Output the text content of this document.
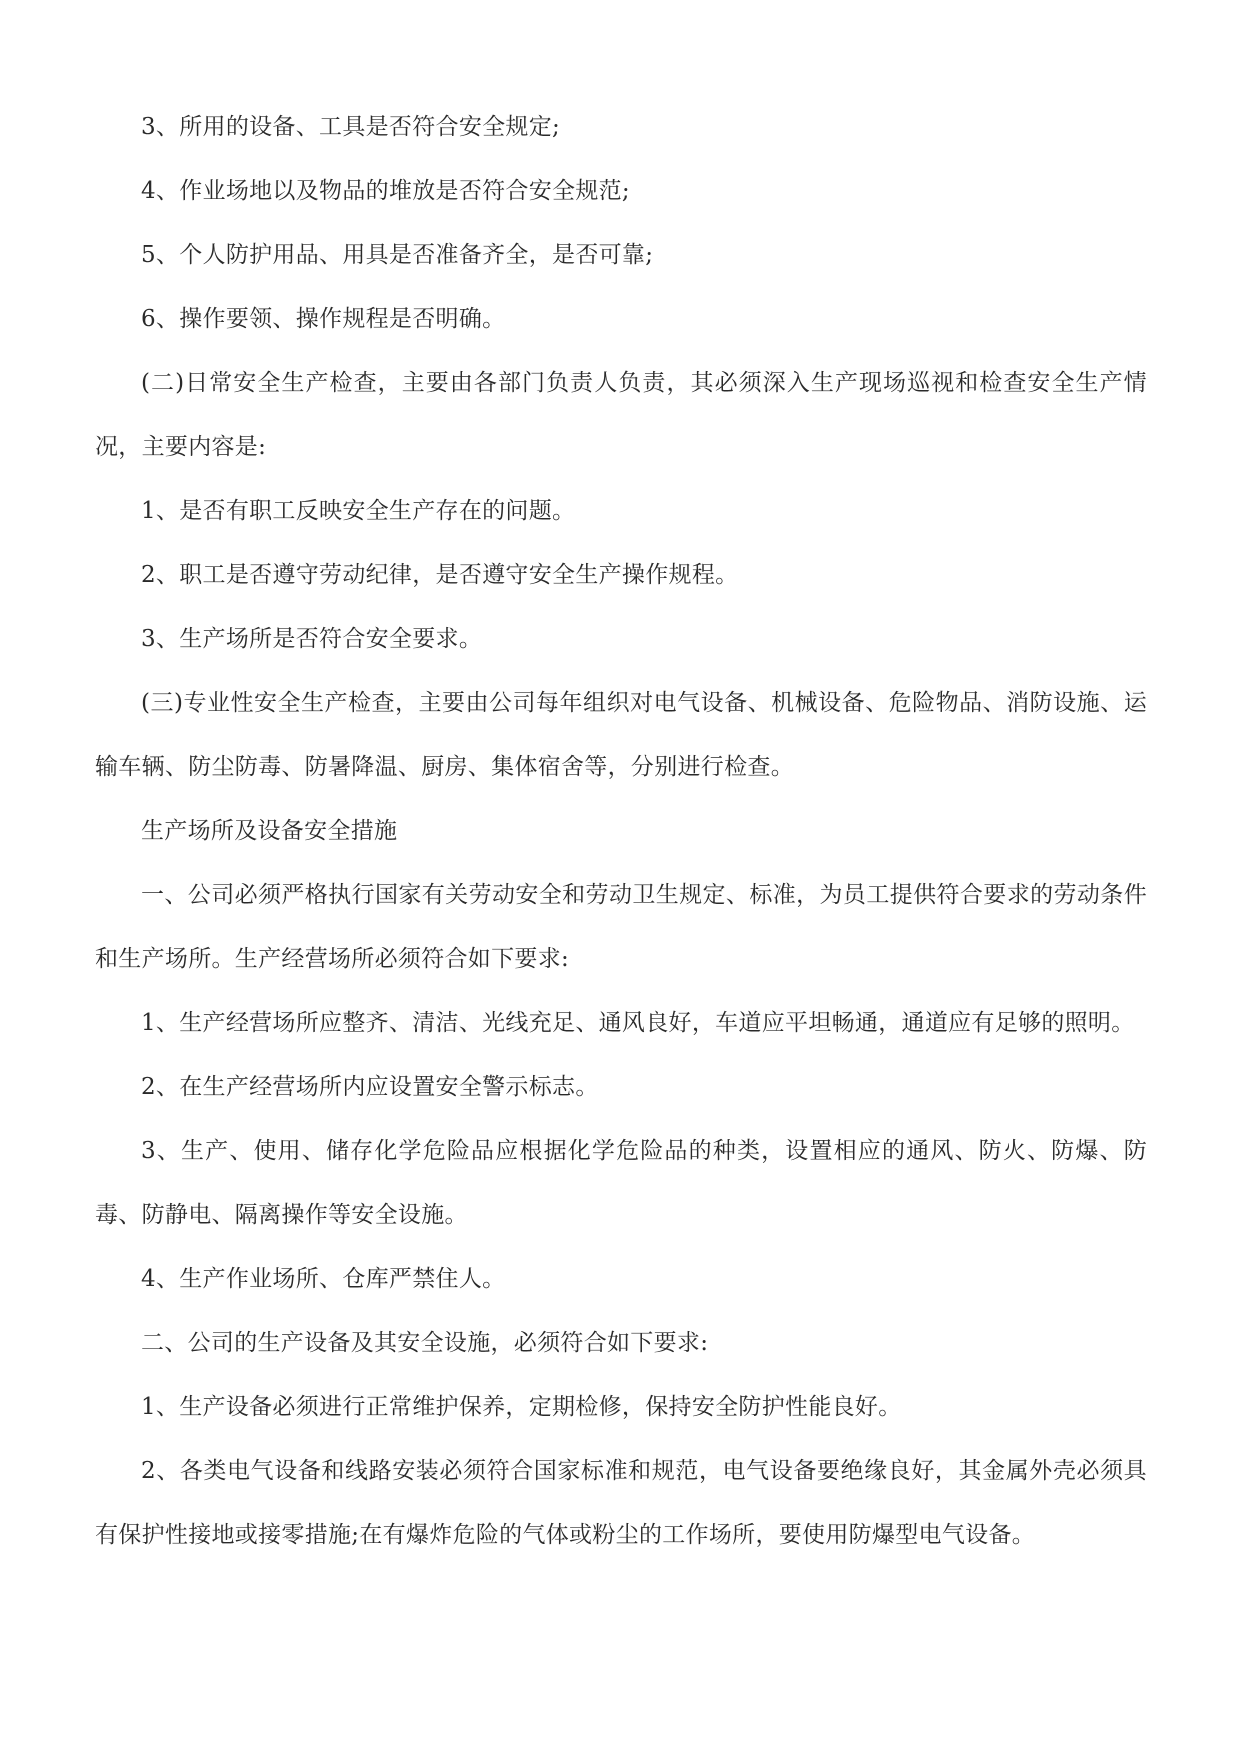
3、所用的设备、工具是否符合安全规定;

4、作业场地以及物品的堆放是否符合安全规范;

5、个人防护用品、用具是否准备齐全，是否可靠;

6、操作要领、操作规程是否明确。

(二)日常安全生产检查，主要由各部门负责人负责，其必须深入生产现场巡视和检查安全生产情况，主要内容是:

1、是否有职工反映安全生产存在的问题。

2、职工是否遵守劳动纪律，是否遵守安全生产操作规程。

3、生产场所是否符合安全要求。

(三)专业性安全生产检查，主要由公司每年组织对电气设备、机械设备、危险物品、消防设施、运输车辆、防尘防毒、防暑降温、厨房、集体宿舍等，分别进行检查。

生产场所及设备安全措施

一、公司必须严格执行国家有关劳动安全和劳动卫生规定、标准，为员工提供符合要求的劳动条件和生产场所。生产经营场所必须符合如下要求:

1、生产经营场所应整齐、清洁、光线充足、通风良好，车道应平坦畅通，通道应有足够的照明。

2、在生产经营场所内应设置安全警示标志。

3、生产、使用、储存化学危险品应根据化学危险品的种类，设置相应的通风、防火、防爆、防毒、防静电、隔离操作等安全设施。

4、生产作业场所、仓库严禁住人。

二、公司的生产设备及其安全设施，必须符合如下要求:

1、生产设备必须进行正常维护保养，定期检修，保持安全防护性能良好。

2、各类电气设备和线路安装必须符合国家标准和规范，电气设备要绝缘良好，其金属外壳必须具有保护性接地或接零措施;在有爆炸危险的气体或粉尘的工作场所，要使用防爆型电气设备。
